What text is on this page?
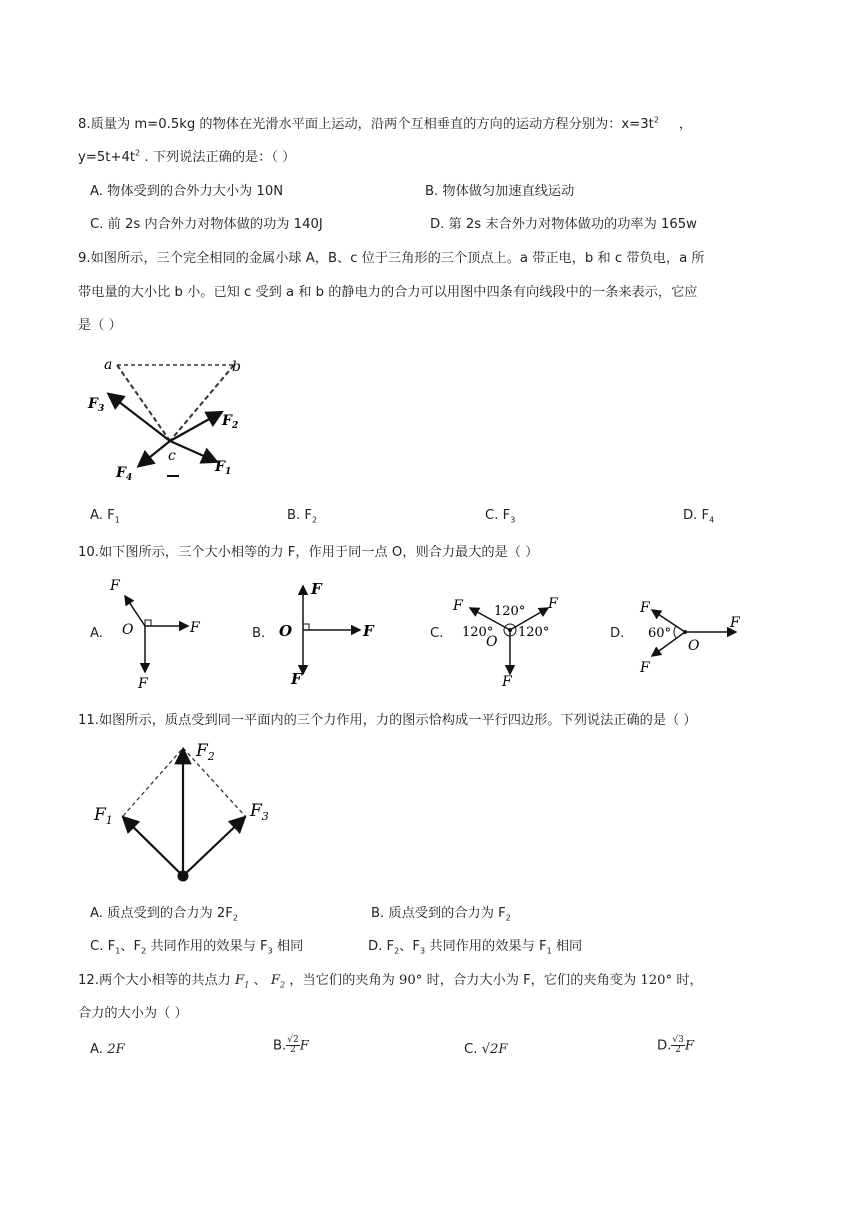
8.质量为 m=0.5kg 的物体在光滑水平面上运动，沿两个互相垂直的方向的运动方程分别为：$x=3t^2$ ，
$y=5t+4t^2$ . 下列说法正确的是：（ ）
A. 物体受到的合外力大小为 10N	B. 物体做匀加速直线运动
C. 前 2s 内合外力对物体做的功为 140J	D. 第 2s 末合外力对物体做功的功率为 165w
9.如图所示，三个完全相同的金属小球 A，B、c 位于三角形的三个顶点上。a 带正电，b 和 c 带负电，a 所
带电量的大小比 b 小。已知 c 受到 a 和 b 的静电力的合力可以用图中四条有向线段中的一条来表示，它应
是（ ）
a	b
c
$F_3$
$F_2$
$F_1$
$F_4$
A. $F_1$	B. $F_2$	C. $F_3$	D. $F_4$
10.如下图所示，三个大小相等的力 F，作用于同一点 O，则合力最大的是（ ）
A.
F
O	F
F
B.
F
O	F
F
C.
F	F
120°
120° 120°
O
F
D.
F
60°
O
F
F
11.如图所示，质点受到同一平面内的三个力作用，力的图示恰构成一平行四边形。下列说法正确的是（ ）
$F_1$
$F_2$
$F_3$
A. 质点受到的合力为 $2F_2$	B. 质点受到的合力为 $F_2$
C. $F_1$、$F_2$ 共同作用的效果与 $F_3$ 相同	D. $F_2$、$F_3$ 共同作用的效果与 $F_1$ 相同
12.两个大小相等的共点力 $F_1$ 、 $F_2$ ，当它们的夹角为 90° 时，合力大小为 F，它们的夹角变为 120° 时，
合力的大小为（ ）
A. 2F	B. $\frac{√2}{2}$ F	C. √2F	D. $\frac{√3}{2}$ F
